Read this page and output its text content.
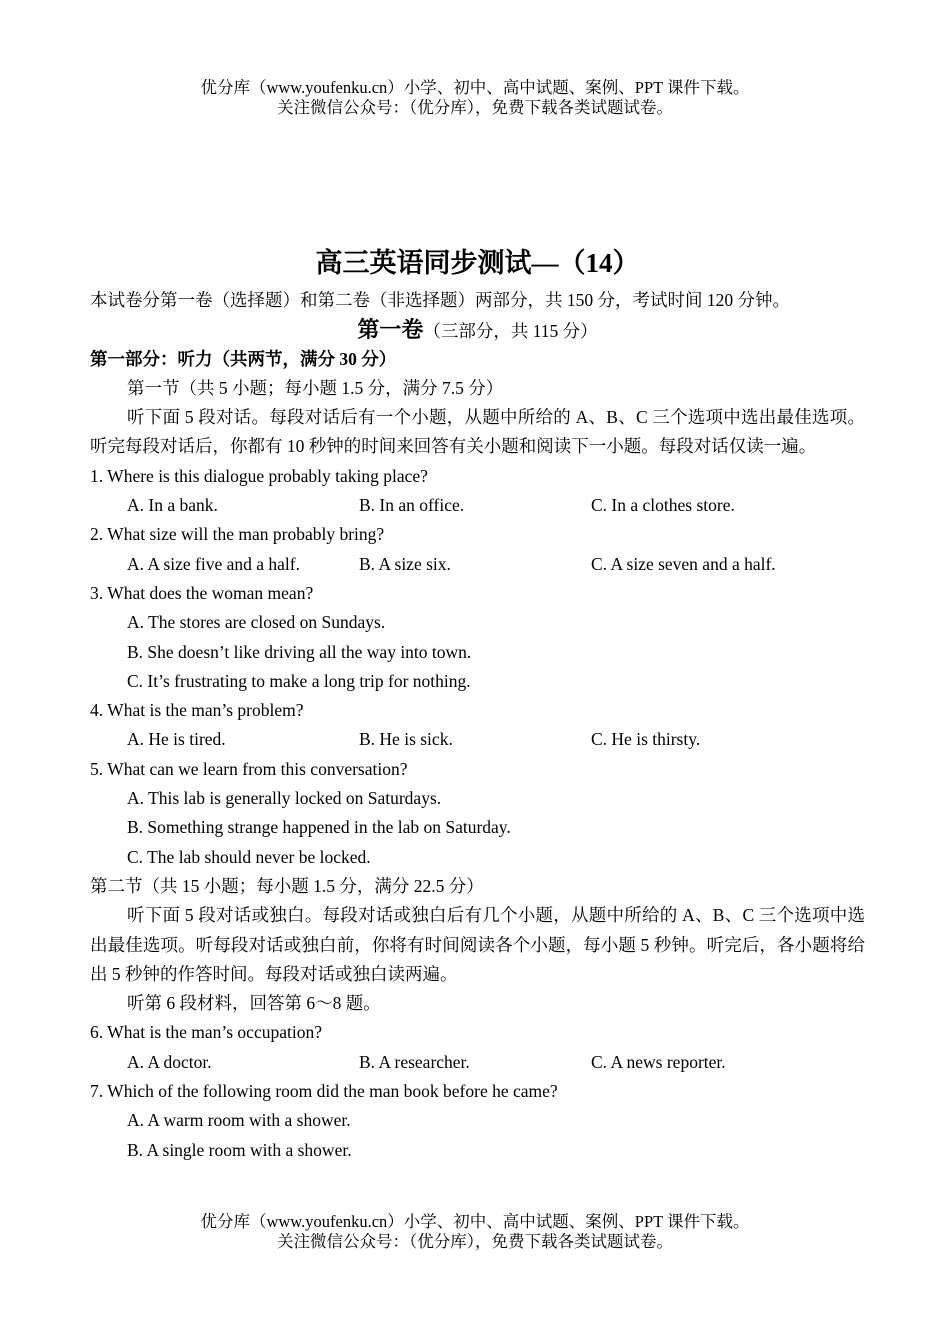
优分库（www.youfenku.cn）小学、初中、高中试题、案例、PPT 课件下载。
关注微信公众号：（优分库），免费下载各类试题试卷。
高三英语同步测试—（14）
本试卷分第一卷（选择题）和第二卷（非选择题）两部分，共 150 分，考试时间 120 分钟。
第一卷（三部分，共 115 分）
第一部分：听力（共两节，满分 30 分）
第一节（共 5 小题；每小题 1.5 分，满分 7.5 分）
听下面 5 段对话。每段对话后有一个小题，从题中所给的 A、B、C 三个选项中选出最佳选项。听完每段对话后，你都有 10 秒钟的时间来回答有关小题和阅读下一小题。每段对话仅读一遍。
1. Where is this dialogue probably taking place?
A. In a bank.	B. In an office.	C. In a clothes store.
2. What size will the man probably bring?
A. A size five and a half.	B. A size six.	C. A size seven and a half.
3. What does the woman mean?
A. The stores are closed on Sundays.
B. She doesn’t like driving all the way into town.
C. It’s frustrating to make a long trip for nothing.
4. What is the man’s problem?
A. He is tired.	B. He is sick.	C. He is thirsty.
5. What can we learn from this conversation?
A. This lab is generally locked on Saturdays.
B. Something strange happened in the lab on Saturday.
C. The lab should never be locked.
第二节（共 15 小题；每小题 1.5 分，满分 22.5 分）
听下面 5 段对话或独白。每段对话或独白后有几个小题，从题中所给的 A、B、C 三个选项中选出最佳选项。听每段对话或独白前，你将有时间阅读各个小题，每小题 5 秒钟。听完后，各小题将给出 5 秒钟的作答时间。每段对话或独白读两遍。
听第 6 段材料，回答第 6～8 题。
6. What is the man’s occupation?
A. A doctor.	B. A researcher.	C. A news reporter.
7. Which of the following room did the man book before he came?
A. A warm room with a shower.
B. A single room with a shower.
优分库（www.youfenku.cn）小学、初中、高中试题、案例、PPT 课件下载。
关注微信公众号：（优分库），免费下载各类试题试卷。
